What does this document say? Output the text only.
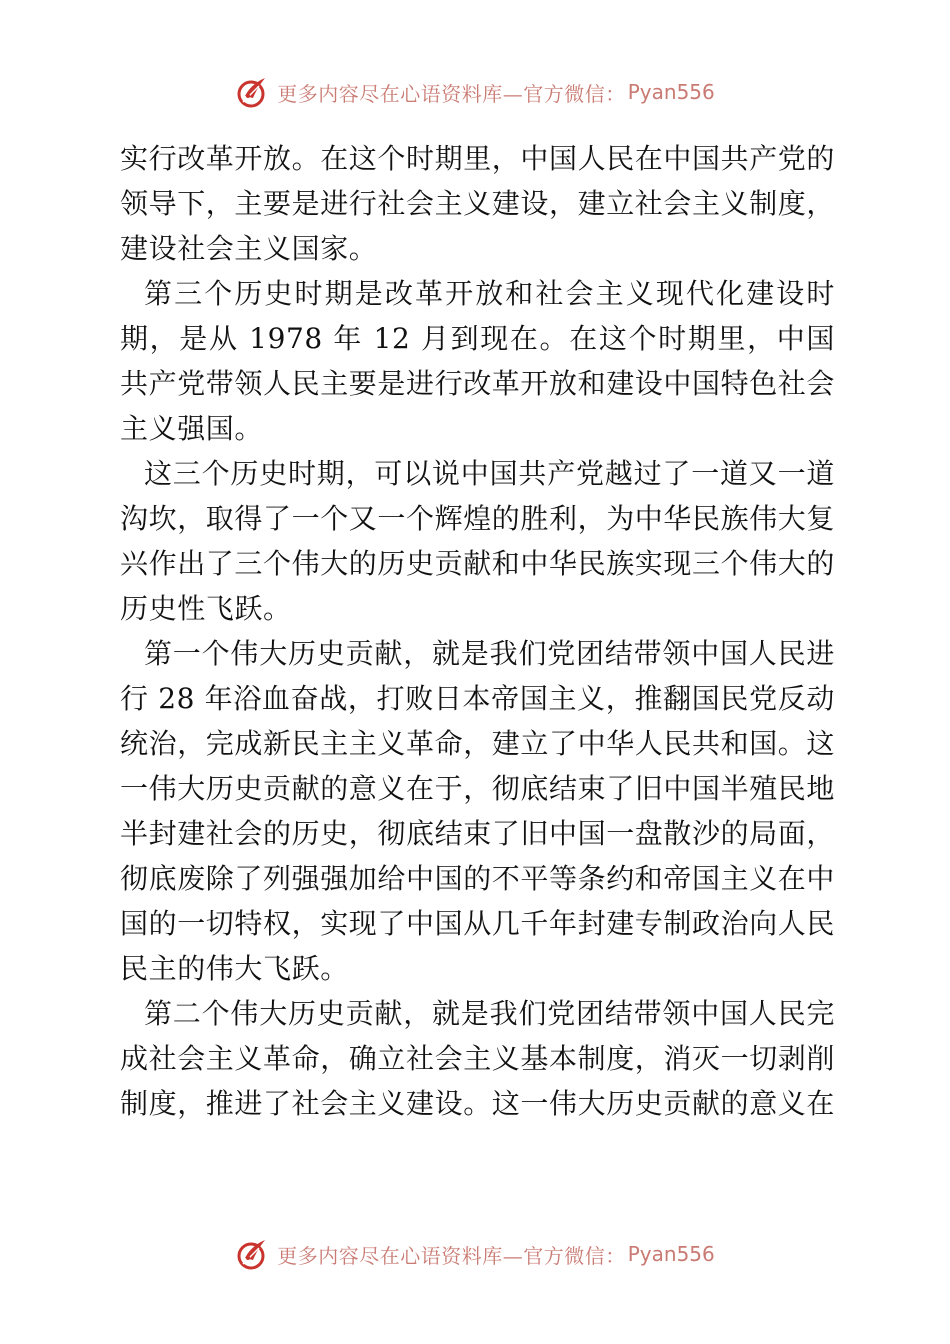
更多内容尽在心语资料库—官方微信： Pyan556

实行改革开放。在这个时期里，中国人民在中国共产党的领导下，主要是进行社会主义建设，建立社会主义制度，建设社会主义国家。

第三个历史时期是改革开放和社会主义现代化建设时期，是从 1978 年 12 月到现在。在这个时期里，中国共产党带领人民主要是进行改革开放和建设中国特色社会主义强国。

这三个历史时期，可以说中国共产党越过了一道又一道沟坎，取得了一个又一个辉煌的胜利，为中华民族伟大复兴作出了三个伟大的历史贡献和中华民族实现三个伟大的历史性飞跃。

第一个伟大历史贡献，就是我们党团结带领中国人民进行 28 年浴血奋战，打败日本帝国主义，推翻国民党反动统治，完成新民主主义革命，建立了中华人民共和国。这一伟大历史贡献的意义在于，彻底结束了旧中国半殖民地半封建社会的历史，彻底结束了旧中国一盘散沙的局面，彻底废除了列强强加给中国的不平等条约和帝国主义在中国的一切特权，实现了中国从几千年封建专制政治向人民民主的伟大飞跃。

第二个伟大历史贡献，就是我们党团结带领中国人民完成社会主义革命，确立社会主义基本制度，消灭一切剥削制度，推进了社会主义建设。这一伟大历史贡献的意义在

更多内容尽在心语资料库—官方微信： Pyan556
